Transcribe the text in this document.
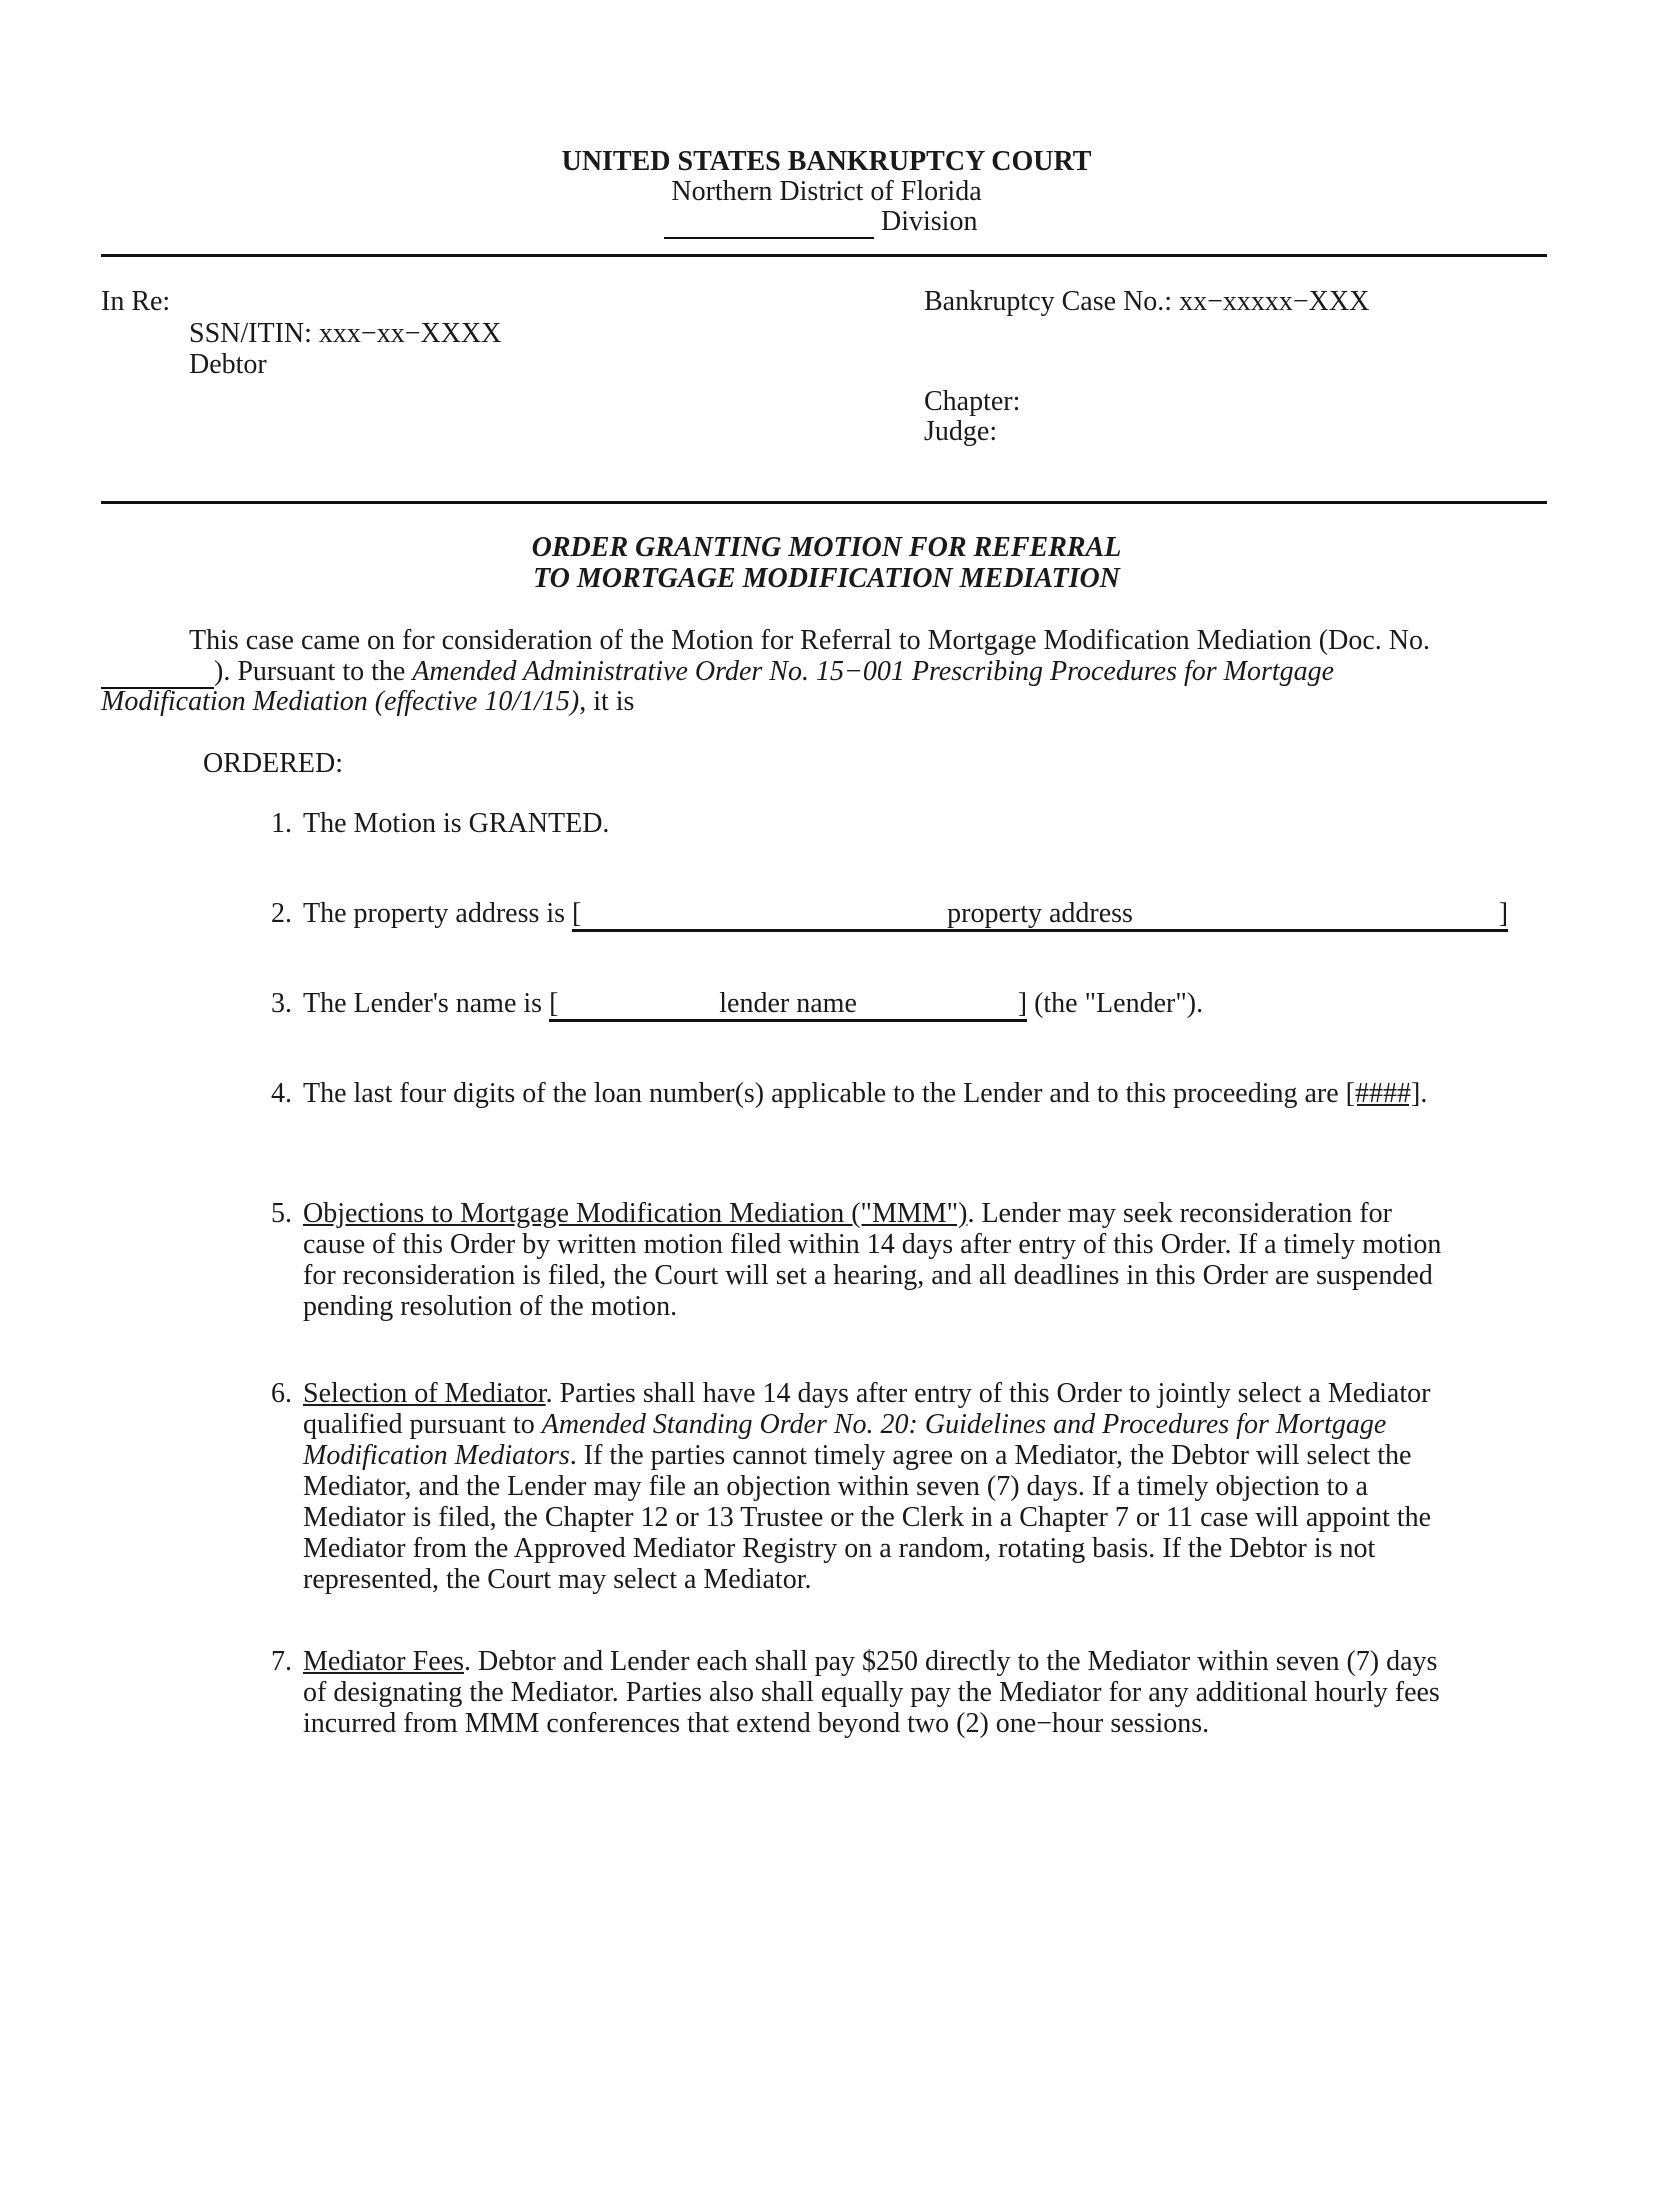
UNITED STATES BANKRUPTCY COURT
Northern District of Florida
Division
In Re:
SSN/ITIN: xxx−xx−XXXX
Debtor
Bankruptcy Case No.: xx−xxxxx−XXX
Chapter:
Judge:
ORDER GRANTING MOTION FOR REFERRAL
TO MORTGAGE MODIFICATION MEDIATION
This case came on for consideration of the Motion for Referral to Mortgage Modification Mediation (Doc. No.
). Pursuant to the Amended Administrative Order No. 15−001 Prescribing Procedures for Mortgage
Modification Mediation (effective 10/1/15), it is
ORDERED:
1. The Motion is GRANTED.
2. The property address is [	property address	]
3. The Lender's name is [	lender name	] (the "Lender").
4. The last four digits of the loan number(s) applicable to the Lender and to this proceeding are [####].
5. Objections to Mortgage Modification Mediation ("MMM"). Lender may seek reconsideration for cause of this Order by written motion filed within 14 days after entry of this Order. If a timely motion for reconsideration is filed, the Court will set a hearing, and all deadlines in this Order are suspended pending resolution of the motion.
6. Selection of Mediator. Parties shall have 14 days after entry of this Order to jointly select a Mediator qualified pursuant to Amended Standing Order No. 20: Guidelines and Procedures for Mortgage Modification Mediators. If the parties cannot timely agree on a Mediator, the Debtor will select the Mediator, and the Lender may file an objection within seven (7) days. If a timely objection to a Mediator is filed, the Chapter 12 or 13 Trustee or the Clerk in a Chapter 7 or 11 case will appoint the Mediator from the Approved Mediator Registry on a random, rotating basis. If the Debtor is not represented, the Court may select a Mediator.
7. Mediator Fees. Debtor and Lender each shall pay $250 directly to the Mediator within seven (7) days of designating the Mediator. Parties also shall equally pay the Mediator for any additional hourly fees incurred from MMM conferences that extend beyond two (2) one−hour sessions.
